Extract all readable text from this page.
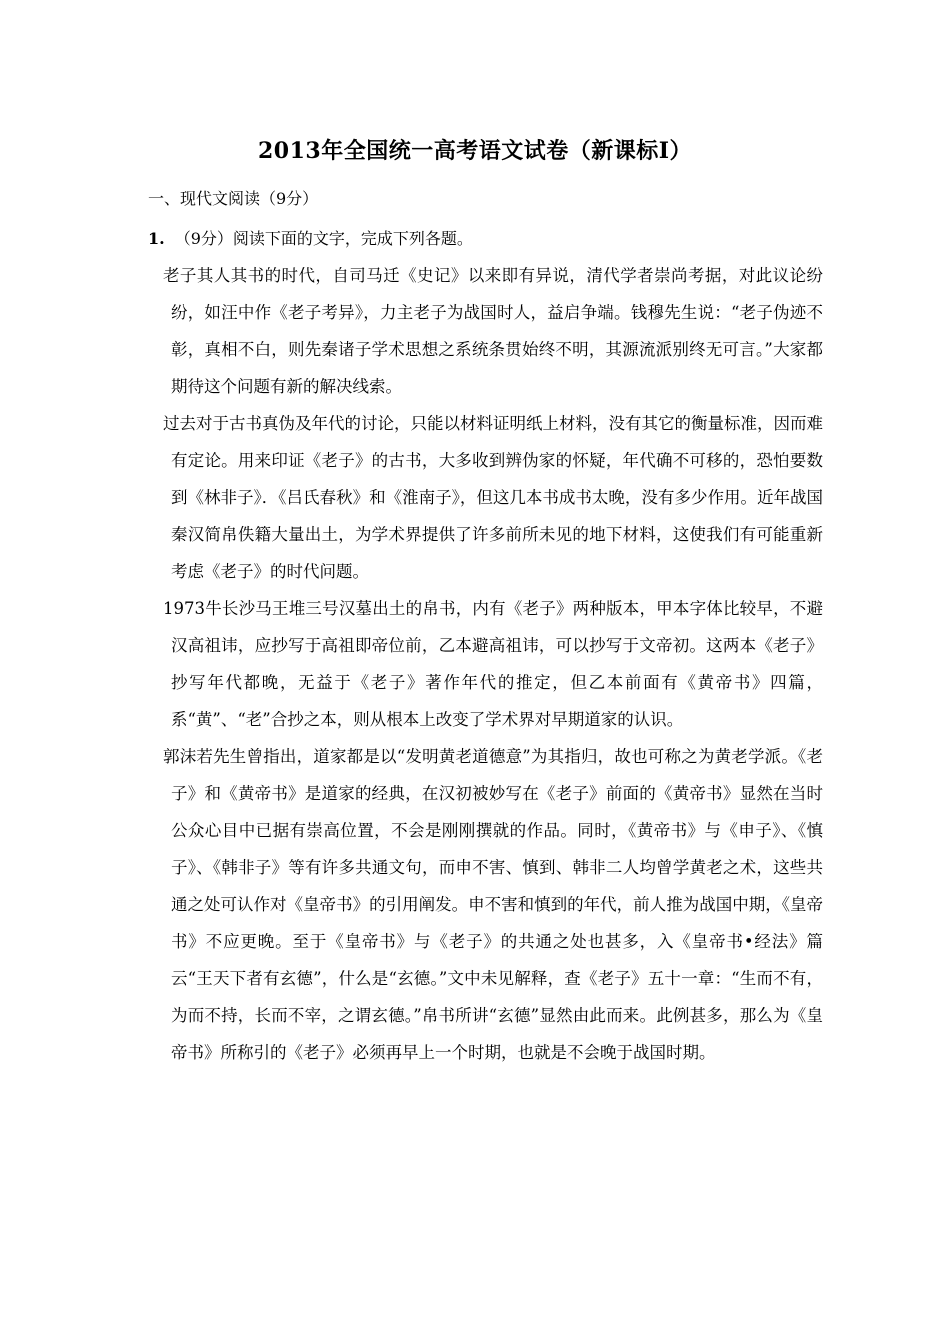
2013年全国统一高考语文试卷（新课标Ⅰ）
一、现代文阅读（9分）
1. （9分）阅读下面的文字，完成下列各题。

老子其人其书的时代，自司马迁《史记》以来即有异说，清代学者崇尚考据，对此议论纷纷，如汪中作《老子考异》，力主老子为战国时人，益启争端。钱穆先生说：“老子伪迹不彰，真相不白，则先秦诸子学术思想之系统条贯始终不明，其源流派别终无可言。”大家都期待这个问题有新的解决线索。

过去对于古书真伪及年代的讨论，只能以材料证明纸上材料，没有其它的衡量标准，因而难有定论。用来印证《老子》的古书，大多收到辨伪家的怀疑，年代确不可移的，恐怕要数到《林非子》．《吕氏春秋》和《淮南子》，但这几本书成书太晚，没有多少作用。近年战国秦汉简帛佚籍大量出土，为学术界提供了许多前所未见的地下材料，这使我们有可能重新考虑《老子》的时代问题。

1973牛长沙马王堆三号汉墓出土的帛书，内有《老子》两种版本，甲本字体比较早，不避汉高祖讳，应抄写于高祖即帝位前，乙本避高祖讳，可以抄写于文帝初。这两本《老子》抄写年代都晚，无益于《老子》著作年代的推定，但乙本前面有《黄帝书》四篇，系“黄”、“老”合抄之本，则从根本上改变了学术界对早期道家的认识。

郭沫若先生曾指出，道家都是以“发明黄老道德意”为其指归，故也可称之为黄老学派。《老子》和《黄帝书》是道家的经典，在汉初被妙写在《老子》前面的《黄帝书》显然在当时公众心目中已据有崇高位置，不会是刚刚撰就的作品。同时，《黄帝书》与《申子》、《慎子》、《韩非子》等有许多共通文句，而申不害、慎到、韩非二人均曾学黄老之术，这些共通之处可认作对《皇帝书》的引用阐发。申不害和慎到的年代，前人推为战国中期，《皇帝书》不应更晚。至于《皇帝书》与《老子》的共通之处也甚多，入《皇帝书•经法》篇云“王天下者有玄德”，什么是“玄德。”文中未见解释，查《老子》五十一章：“生而不有，为而不持，长而不宰，之谓玄德。”帛书所讲“玄德”显然由此而来。此例甚多，那么为《皇帝书》所称引的《老子》必须再早上一个时期，也就是不会晚于战国时期。
